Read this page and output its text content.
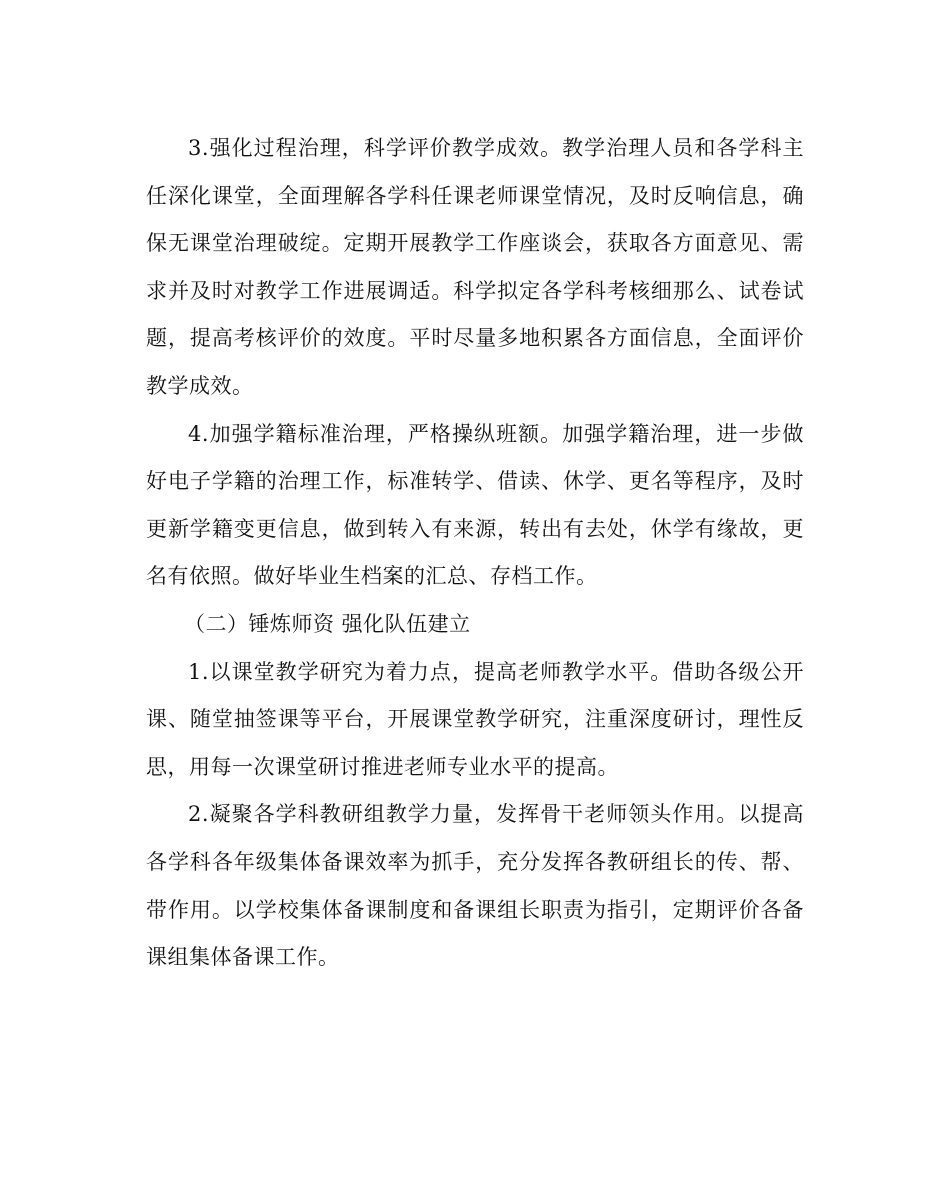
3.强化过程治理，科学评价教学成效。教学治理人员和各学科主任深化课堂，全面理解各学科任课老师课堂情况，及时反响信息，确保无课堂治理破绽。定期开展教学工作座谈会，获取各方面意见、需求并及时对教学工作进展调适。科学拟定各学科考核细那么、试卷试题，提高考核评价的效度。平时尽量多地积累各方面信息，全面评价教学成效。

4.加强学籍标准治理，严格操纵班额。加强学籍治理，进一步做好电子学籍的治理工作，标准转学、借读、休学、更名等程序，及时更新学籍变更信息，做到转入有来源，转出有去处，休学有缘故，更名有依照。做好毕业生档案的汇总、存档工作。

（二）锤炼师资 强化队伍建立

1.以课堂教学研究为着力点，提高老师教学水平。借助各级公开课、随堂抽签课等平台，开展课堂教学研究，注重深度研讨，理性反思，用每一次课堂研讨推进老师专业水平的提高。

2.凝聚各学科教研组教学力量，发挥骨干老师领头作用。以提高各学科各年级集体备课效率为抓手，充分发挥各教研组长的传、帮、带作用。以学校集体备课制度和备课组长职责为指引，定期评价各备课组集体备课工作。
